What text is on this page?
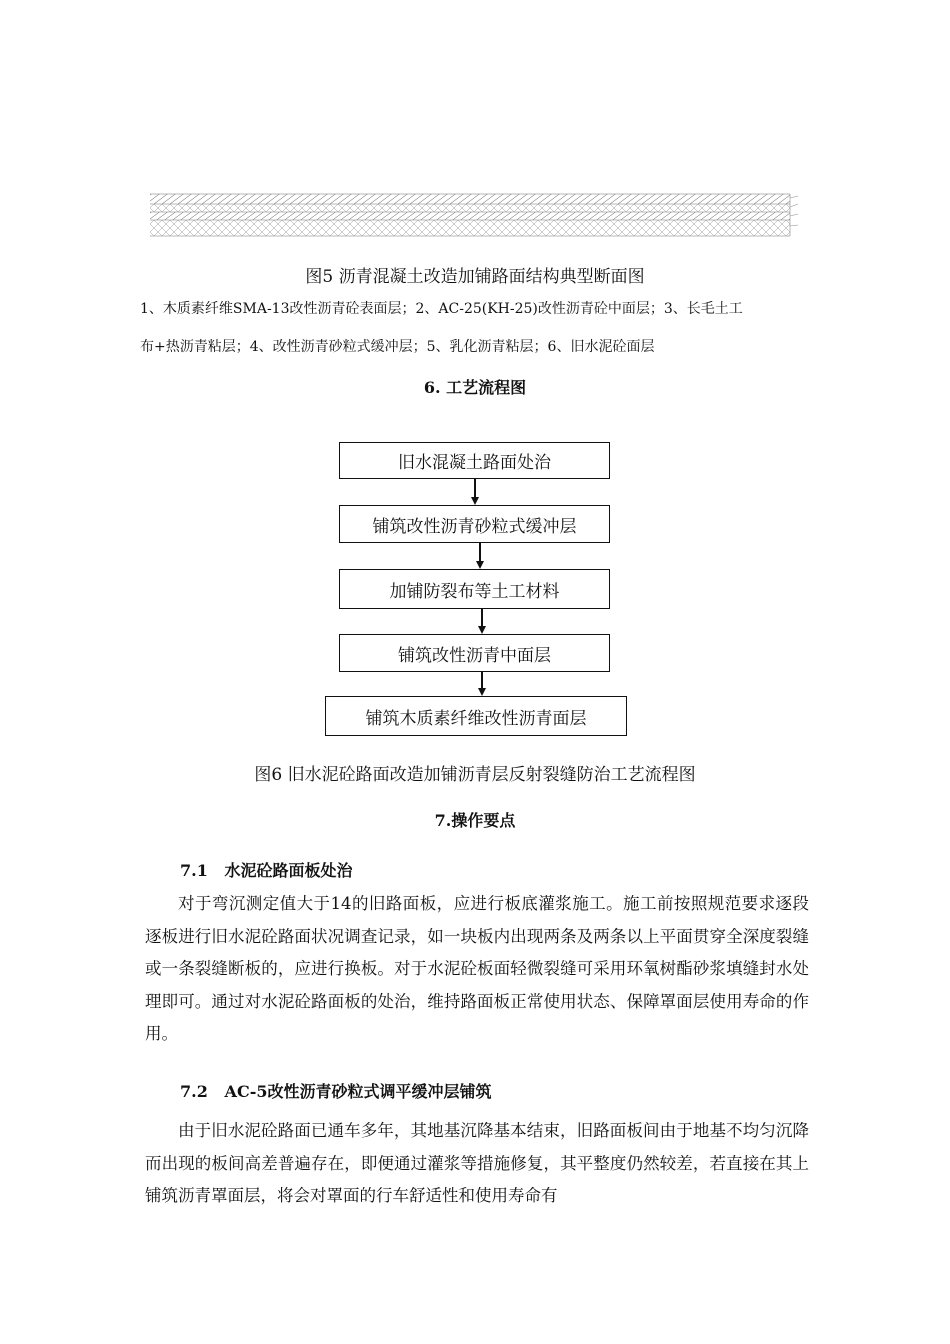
图5 沥青混凝土改造加铺路面结构典型断面图
1、木质素纤维SMA-13改性沥青砼表面层；2、AC-25(KH-25)改性沥青砼中面层；3、长毛土工
布+热沥青粘层；4、改性沥青砂粒式缓冲层；5、乳化沥青粘层；6、旧水泥砼面层
6. 工艺流程图
旧水混凝土路面处治
铺筑改性沥青砂粒式缓冲层
加铺防裂布等土工材料
铺筑改性沥青中面层
铺筑木质素纤维改性沥青面层
图6 旧水泥砼路面改造加铺沥青层反射裂缝防治工艺流程图
7.操作要点
7.1   水泥砼路面板处治

对于弯沉测定值大于14的旧路面板，应进行板底灌浆施工。施工前按照规范要求逐段逐板进行旧水泥砼路面状况调查记录，如一块板内出现两条及两条以上平面贯穿全深度裂缝或一条裂缝断板的，应进行换板。对于水泥砼板面轻微裂缝可采用环氧树酯砂浆填缝封水处理即可。通过对水泥砼路面板的处治，维持路面板正常使用状态、保障罩面层使用寿命的作用。

7.2   AC-5改性沥青砂粒式调平缓冲层铺筑

由于旧水泥砼路面已通车多年，其地基沉降基本结束，旧路面板间由于地基不均匀沉降而出现的板间高差普遍存在，即便通过灌浆等措施修复，其平整度仍然较差，若直接在其上铺筑沥青罩面层，将会对罩面的行车舒适性和使用寿命有
